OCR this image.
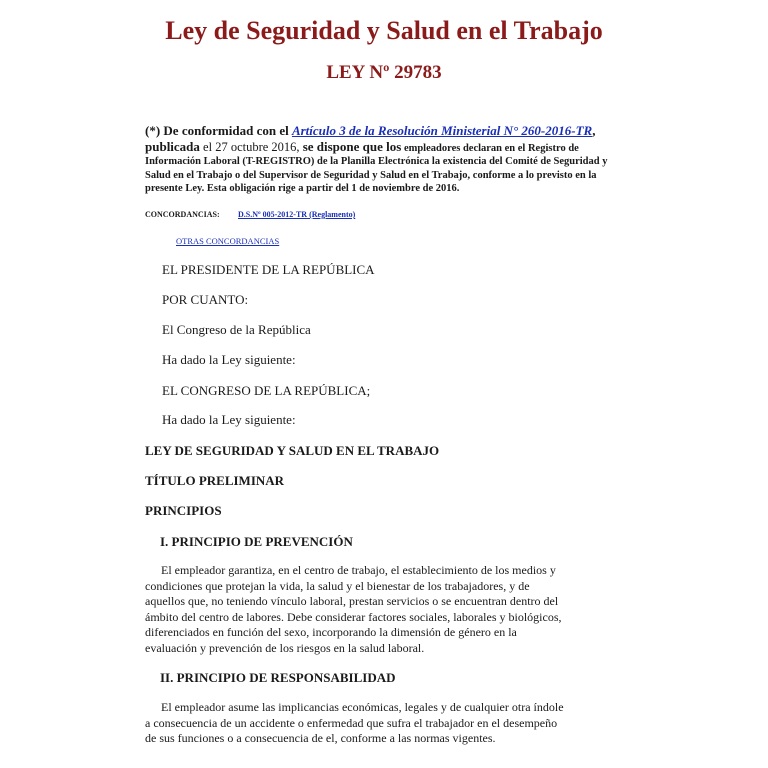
Ley de Seguridad y Salud en el Trabajo
LEY Nº 29783
(*) De conformidad con el Artículo 3 de la Resolución Ministerial N° 260-2016-TR, publicada el 27 octubre 2016, se dispone que los empleadores declaran en el Registro de Información Laboral (T-REGISTRO) de la Planilla Electrónica la existencia del Comité de Seguridad y Salud en el Trabajo o del Supervisor de Seguridad y Salud en el Trabajo, conforme a lo previsto en la presente Ley. Esta obligación rige a partir del 1 de noviembre de 2016.
CONCORDANCIAS: D.S.Nº 005-2012-TR (Reglamento)
OTRAS CONCORDANCIAS
EL PRESIDENTE DE LA REPÚBLICA
POR CUANTO:
El Congreso de la República
Ha dado la Ley siguiente:
EL CONGRESO DE LA REPÚBLICA;
Ha dado la Ley siguiente:
LEY DE SEGURIDAD Y SALUD EN EL TRABAJO
TÍTULO PRELIMINAR
PRINCIPIOS
I. PRINCIPIO DE PREVENCIÓN
El empleador garantiza, en el centro de trabajo, el establecimiento de los medios y
condiciones que protejan la vida, la salud y el bienestar de los trabajadores, y de
aquellos que, no teniendo vínculo laboral, prestan servicios o se encuentran dentro del
ámbito del centro de labores. Debe considerar factores sociales, laborales y biológicos,
diferenciados en función del sexo, incorporando la dimensión de género en la
evaluación y prevención de los riesgos en la salud laboral.
II. PRINCIPIO DE RESPONSABILIDAD
El empleador asume las implicancias económicas, legales y de cualquier otra índole
a consecuencia de un accidente o enfermedad que sufra el trabajador en el desempeño
de sus funciones o a consecuencia de el, conforme a las normas vigentes.
